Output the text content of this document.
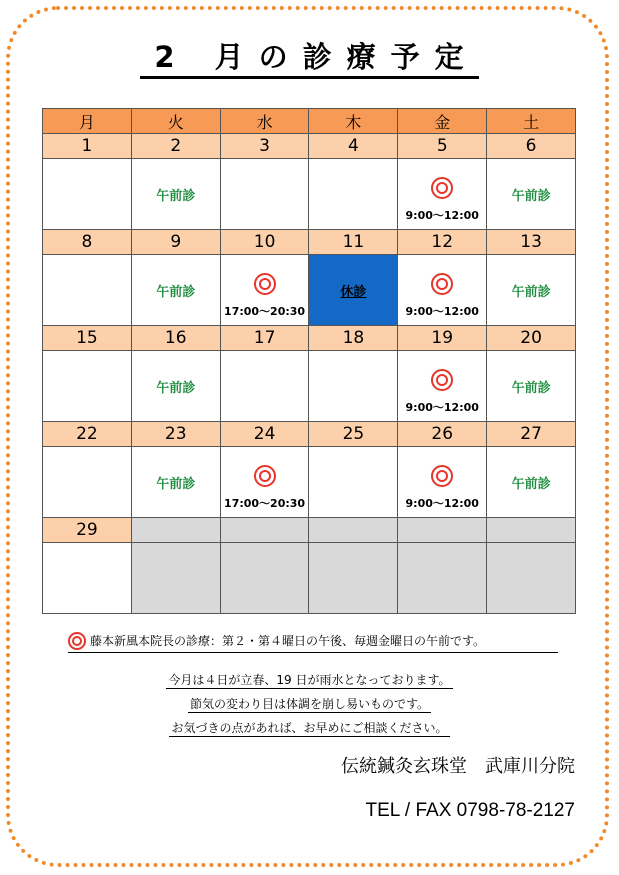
2 月の診療予定
月	火	水	木	金	土
1	2	3	4	5	6
	午前診			9:00～12:00	午前診
8	9	10	11	12	13
	午前診	17:00～20:30	休診	9:00～12:00	午前診
15	16	17	18	19	20
	午前診			9:00～12:00	午前診
22	23	24	25	26	27
	午前診	17:00～20:30		9:00～12:00	午前診
29					

藤本新風本院長の診療：第２・第４曜日の午後、毎週金曜日の午前です。
今月は４日が立春、19 日が雨水となっております。
節気の変わり目は体調を崩し易いものです。
お気づきの点があれば、お早めにご相談ください。
伝統鍼灸玄珠堂　武庫川分院
TEL / FAX 0798-78-2127
